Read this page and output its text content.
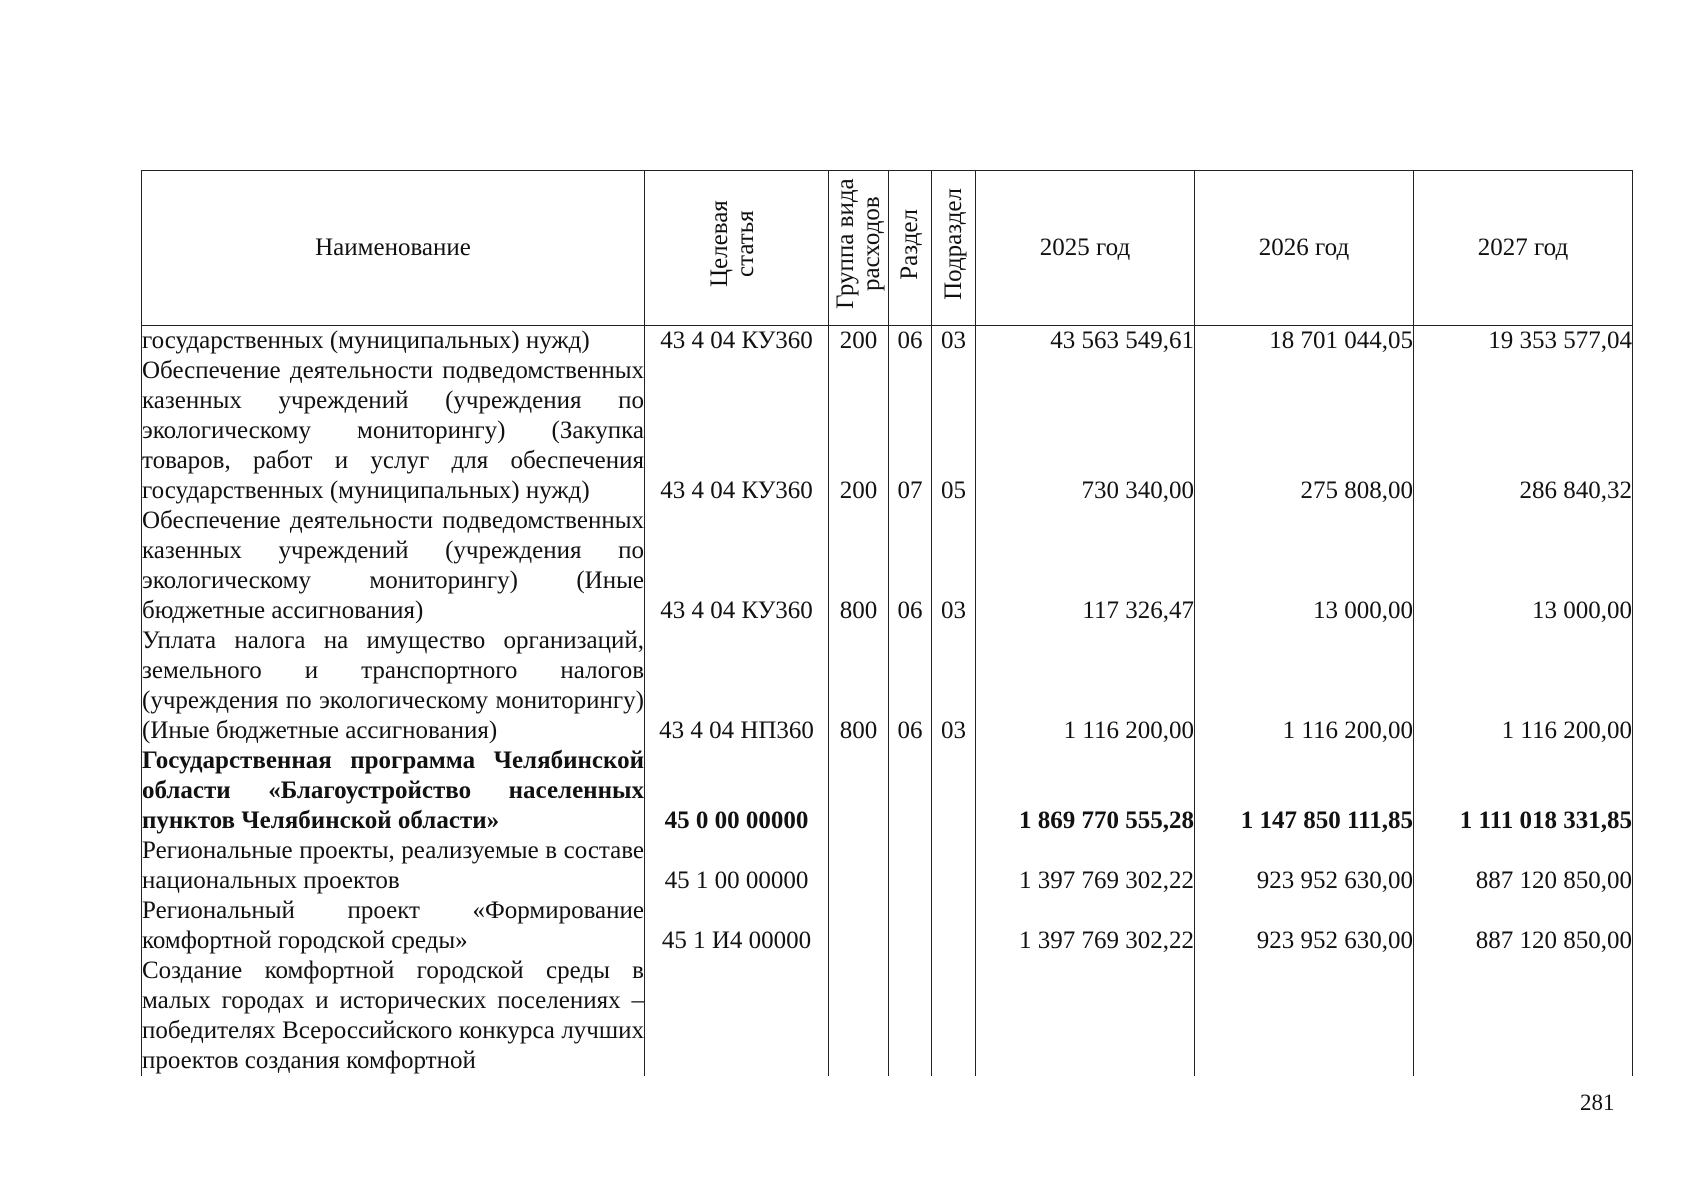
Наименование	Целевая статья	Группа вида расходов	Раздел	Подраздел	2025 год	2026 год	2027 год
государственных (муниципальных) нужд)	43 4 04 КУ360	200	06	03	43 563 549,61	18 701 044,05	19 353 577,04
Обеспечение деятельности подведомственных казенных учреждений (учреждения по экологическому мониторингу) (Закупка товаров, работ и услуг для обеспечения государственных (муниципальных) нужд)	43 4 04 КУ360	200	07	05	730 340,00	275 808,00	286 840,32
Обеспечение деятельности подведомственных казенных учреждений (учреждения по экологическому мониторингу) (Иные бюджетные ассигнования)	43 4 04 КУ360	800	06	03	117 326,47	13 000,00	13 000,00
Уплата налога на имущество организаций, земельного и транспортного налогов (учреждения по экологическому мониторингу) (Иные бюджетные ассигнования)	43 4 04 НП360	800	06	03	1 116 200,00	1 116 200,00	1 116 200,00
Государственная программа Челябинской области «Благоустройство населенных пунктов Челябинской области»	45 0 00 00000				1 869 770 555,28	1 147 850 111,85	1 111 018 331,85
Региональные проекты, реализуемые в составе национальных проектов	45 1 00 00000				1 397 769 302,22	923 952 630,00	887 120 850,00
Региональный проект «Формирование комфортной городской среды»	45 1 И4 00000				1 397 769 302,22	923 952 630,00	887 120 850,00
Создание комфортной городской среды в малых городах и исторических поселениях – победителях Всероссийского конкурса лучших проектов создания комфортной							
281
